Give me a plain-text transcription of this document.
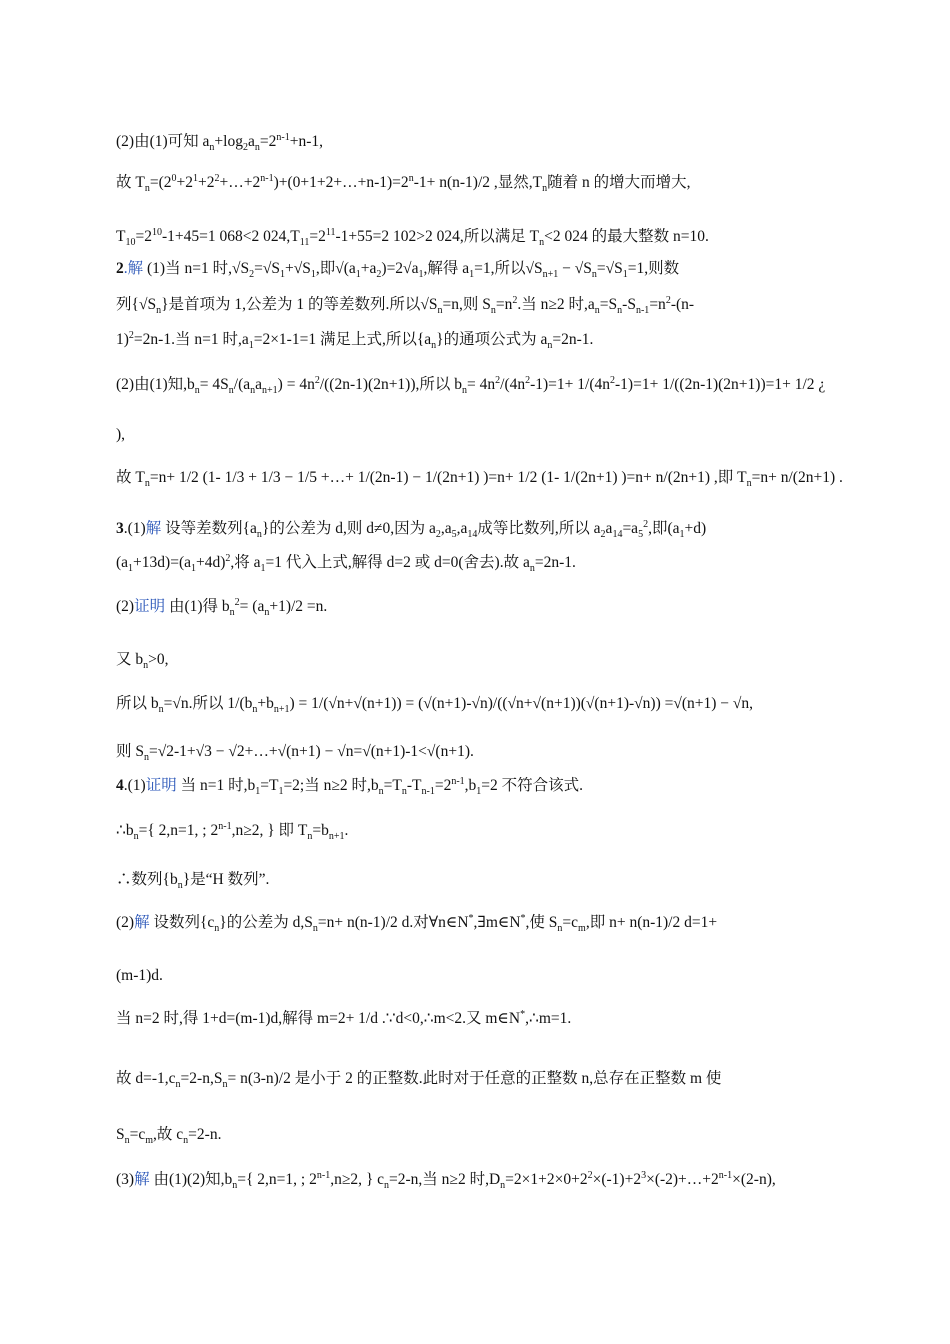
(2)由(1)可知 $a_n+\log_2a_n=2^{n-1}+n-1$,
故 $T_n=(2^0+2^1+2^2+\dots+2^{n-1})+(0+1+2+\dots+n-1)=2^n-1+ n(n-1)/2$ ,显然$,T_n$随着 n 的增大而增大,
$T_{10}=2^{10}-1+45=1$ 068<2 $024,T_{11}=2^{11}-1+55=2$ 102>2 024,所以满足 $T_n<2$ 024 的最大整数 n=10.
2.解 (1)当 n=1 时$,√S_2=√S_1+√S_1$,即$√(a_1+a_2)=2√a_1$,解得 $a_1=1$,所以$√S_{n+1} - √S_n=√S_1=1$,则数
列$\{√S_n\}$是首项为 1,公差为 1 的等差数列.所以$√S_n=n$,则 $S_n=n^2$.当 n≥2 时$,a_n=S_n-S_{n-1}=n^2-(n-$
1)$^2$=2n-1.当 n=1 时$,a_1=2\times 1-1=1$ 满足上式,所以$\{a_n\}$的通项公式为 $a_n=2n-1$.
(2)由(1)知$,b_n= 4S_n/(a_na_{n+1}) = 4n^2/((2n-1)(2n+1))$,所以 $b_n= 4n^2/(4n^2-1)=1+ 1/(4n^2-1)=1+ 1/((2n-1)(2n+1))=1+ 1/2$ ¿
),
故 $T_n=n+ 1/2$ (1- 1/3 + 1/3 − 1/5 +…+ 1/(2n-1) − 1/(2n+1) )=n+ 1/2 (1- 1/(2n+1) )=n+ n/(2n+1) ,即 $T_n=n+ n/(2n+1)$ .
3.(1)解 设等差数列$\{a_n\}$的公差为 d,则 d≠0,因为 $a_2,a_5,a_{14}$成等比数列,所以 $a_2a_{14}=a_5^2$,即$(a_1+d)$
$(a_1+13d)=(a_1+4d)^2$,将 $a_1=1$ 代入上式,解得 d=2 或 d=0(舍去).故 $a_n=2n-1$.
(2)证明 由(1)得 $b_n^2= (a_n+1)/2 =n$.
又 $b_n>0$,
所以 $b_n=√n$.所以 $1/(b_n+b_{n+1}) = 1/(√n+√(n+1)) = (√(n+1)-√n)/((√n+√(n+1))(√(n+1)-√n)) =√(n+1) - √n$,
则 $S_n=√2-1+√3$ − √2+…+√(n+1) − √n=√(n+1)-1<√(n+1).
4.(1)证明 当 n=1 时$,b_1=T_1=2$;当 n≥2 时$,b_n=T_n-T_{n-1}=2^{n-1},b_1=2$ 不符合该式.
$\therefore b_n=${ 2,n=1, ; $2^{n-1},n\ge 2$, } 即 $T_n=b_{n+1}$.
∴数列$\{b_n\}$是“H 数列”.
(2)解 设数列$\{c_n\}$的公差为 $d,S_n=n+ n(n-1)/2$ d.对∀n∈N*,∃m∈N*,使 $S_n=c_m$,即 n+ n(n-1)/2 d=1+
(m-1)d.
当 n=2 时,得 1+d=(m-1)d,解得 m=2+ 1/d .∵d<0,∴m<2.又 m∈N*,∴m=1.
故 $d=-1,c_n=2-n,S_n= n(3-n)/2$ 是小于 2 的正整数.此时对于任意的正整数 n,总存在正整数 m 使
$S_n=c_m$,故 $c_n=2-n$.
(3)解 由(1)(2)知$,b_n=${ 2,n=1, ; $2^{n-1},n\ge 2$, } $c_n=2-n$,当 n≥2 时$,D_n=2\times 1+2\times 0+2^2\times(-1)+2^3\times(-2)+\dots+2^{n-1}\times(2-n)$,
